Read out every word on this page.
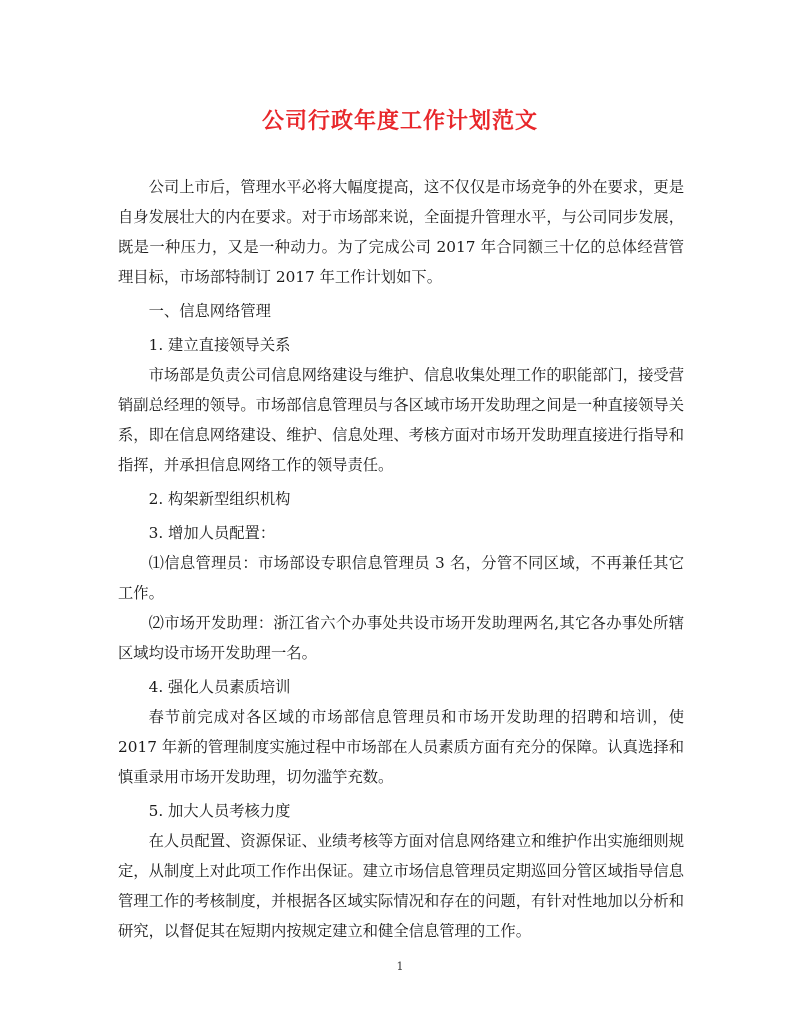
公司行政年度工作计划范文

公司上市后，管理水平必将大幅度提高，这不仅仅是市场竞争的外在要求，更是自身发展壮大的内在要求。对于市场部来说，全面提升管理水平，与公司同步发展，既是一种压力，又是一种动力。为了完成公司 2017 年合同额三十亿的总体经营管理目标，市场部特制订 2017 年工作计划如下。

一、信息网络管理

1. 建立直接领导关系

市场部是负责公司信息网络建设与维护、信息收集处理工作的职能部门，接受营销副总经理的领导。市场部信息管理员与各区域市场开发助理之间是一种直接领导关系，即在信息网络建设、维护、信息处理、考核方面对市场开发助理直接进行指导和指挥，并承担信息网络工作的领导责任。

2. 构架新型组织机构

3. 增加人员配置：

⑴信息管理员：市场部设专职信息管理员 3 名，分管不同区域，不再兼任其它工作。

⑵市场开发助理：浙江省六个办事处共设市场开发助理两名,其它各办事处所辖区域均设市场开发助理一名。

4. 强化人员素质培训

春节前完成对各区域的市场部信息管理员和市场开发助理的招聘和培训，使 2017 年新的管理制度实施过程中市场部在人员素质方面有充分的保障。认真选择和慎重录用市场开发助理，切勿滥竽充数。

5. 加大人员考核力度

在人员配置、资源保证、业绩考核等方面对信息网络建立和维护作出实施细则规定，从制度上对此项工作作出保证。建立市场信息管理员定期巡回分管区域指导信息管理工作的考核制度，并根据各区域实际情况和存在的问题，有针对性地加以分析和研究，以督促其在短期内按规定建立和健全信息管理的工作。

1
